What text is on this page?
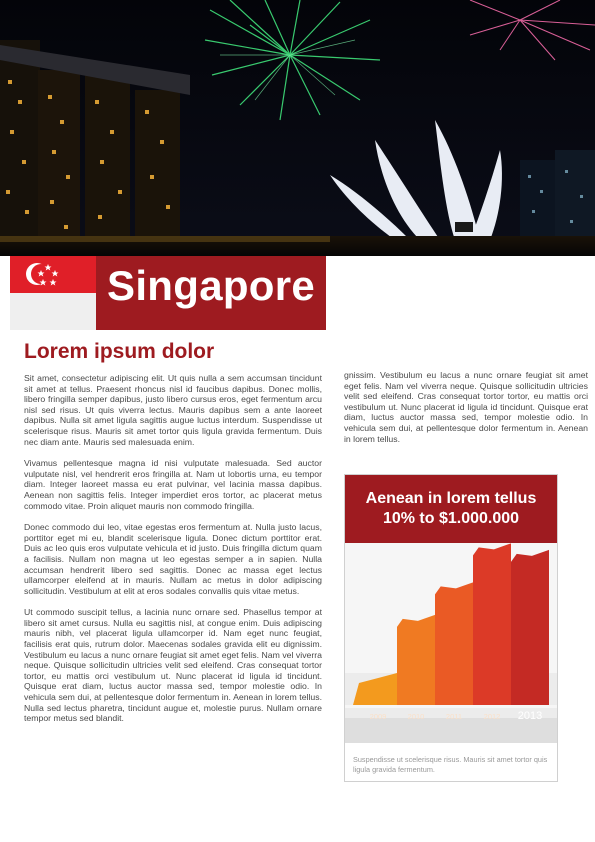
Singapore
Lorem ipsum dolor

Sit amet, consectetur adipiscing elit. Ut quis nulla a sem accumsan tincidunt sit amet at tellus. Praesent rhoncus nisl id faucibus dapibus. Donec mollis, libero fringilla semper dapibus, justo libero cursus eros, eget fermentum arcu nisl sed risus. Ut quis viverra lectus. Mauris dapibus sem a ante laoreet dapibus. Nulla sit amet ligula sagittis augue luctus interdum. Suspendisse ut scelerisque risus. Mauris sit amet tortor quis ligula gravida fermentum. Duis nec diam ante. Mauris sed malesuada enim.

Vivamus pellentesque magna id nisi vulputate malesuada. Sed auctor vulputate nisl, vel hendrerit eros fringilla at. Nam ut lobortis urna, eu tempor diam. Integer laoreet massa eu erat pulvinar, vel lacinia massa dapibus. Aenean non sagittis felis. Integer imperdiet eros tortor, ac placerat metus commodo vitae. Proin aliquet mauris non commodo fringilla.

Donec commodo dui leo, vitae egestas eros fermentum at. Nulla justo lacus, porttitor eget mi eu, blandit scelerisque ligula. Donec dictum porttitor erat. Duis ac leo quis eros vulputate vehicula et id justo. Duis fringilla dictum quam a facilisis. Nullam non magna ut leo egestas semper a in sapien. Nulla accumsan hendrerit libero sed sagittis. Donec ac massa eget lectus ullamcorper eleifend at in mauris. Nullam ac metus in dolor adipiscing sollicitudin. Vestibulum at elit at eros sodales convallis quis vitae metus.

Ut commodo suscipit tellus, a lacinia nunc ornare sed. Phasellus tempor at libero sit amet cursus. Nulla eu sagittis nisl, at congue enim. Duis adipiscing mauris nibh, vel placerat ligula ullamcorper id. Nam eget nunc feugiat, facilisis erat quis, rutrum dolor. Maecenas sodales gravida elit eu dignissim. Vestibulum eu lacus a nunc ornare feugiat sit amet eget felis. Nam vel viverra neque. Quisque sollicitudin ultricies velit sed eleifend. Cras consequat tortor tortor, eu mattis orci vestibulum ut. Nunc placerat id ligula id tincidunt. Quisque erat diam, luctus auctor massa sed, tempor molestie odio. In vehicula sem dui, at pellentesque dolor fermentum in. Aenean in lorem tellus. Nulla sed lectus pharetra, tincidunt augue et, molestie purus. Nullam ornare tempor metus sed blandit.

gnissim. Vestibulum eu lacus a nunc ornare feugiat sit amet eget felis. Nam vel viverra neque. Quisque sollicitudin ultricies velit sed eleifend. Cras consequat tortor tortor, eu mattis orci vestibulum ut. Nunc placerat id ligula id tincidunt. Quisque erat diam, luctus auctor massa sed, tempor molestie odio. In vehicula sem dui, at pellentesque dolor fermentum in. Aenean in lorem tellus.

Aenean in lorem tellus
10% to $1.000.000
2009	2010	2011	2012 2013
Suspendisse ut scelerisque risus. Mauris sit amet tortor quis ligula gravida fermentum.
